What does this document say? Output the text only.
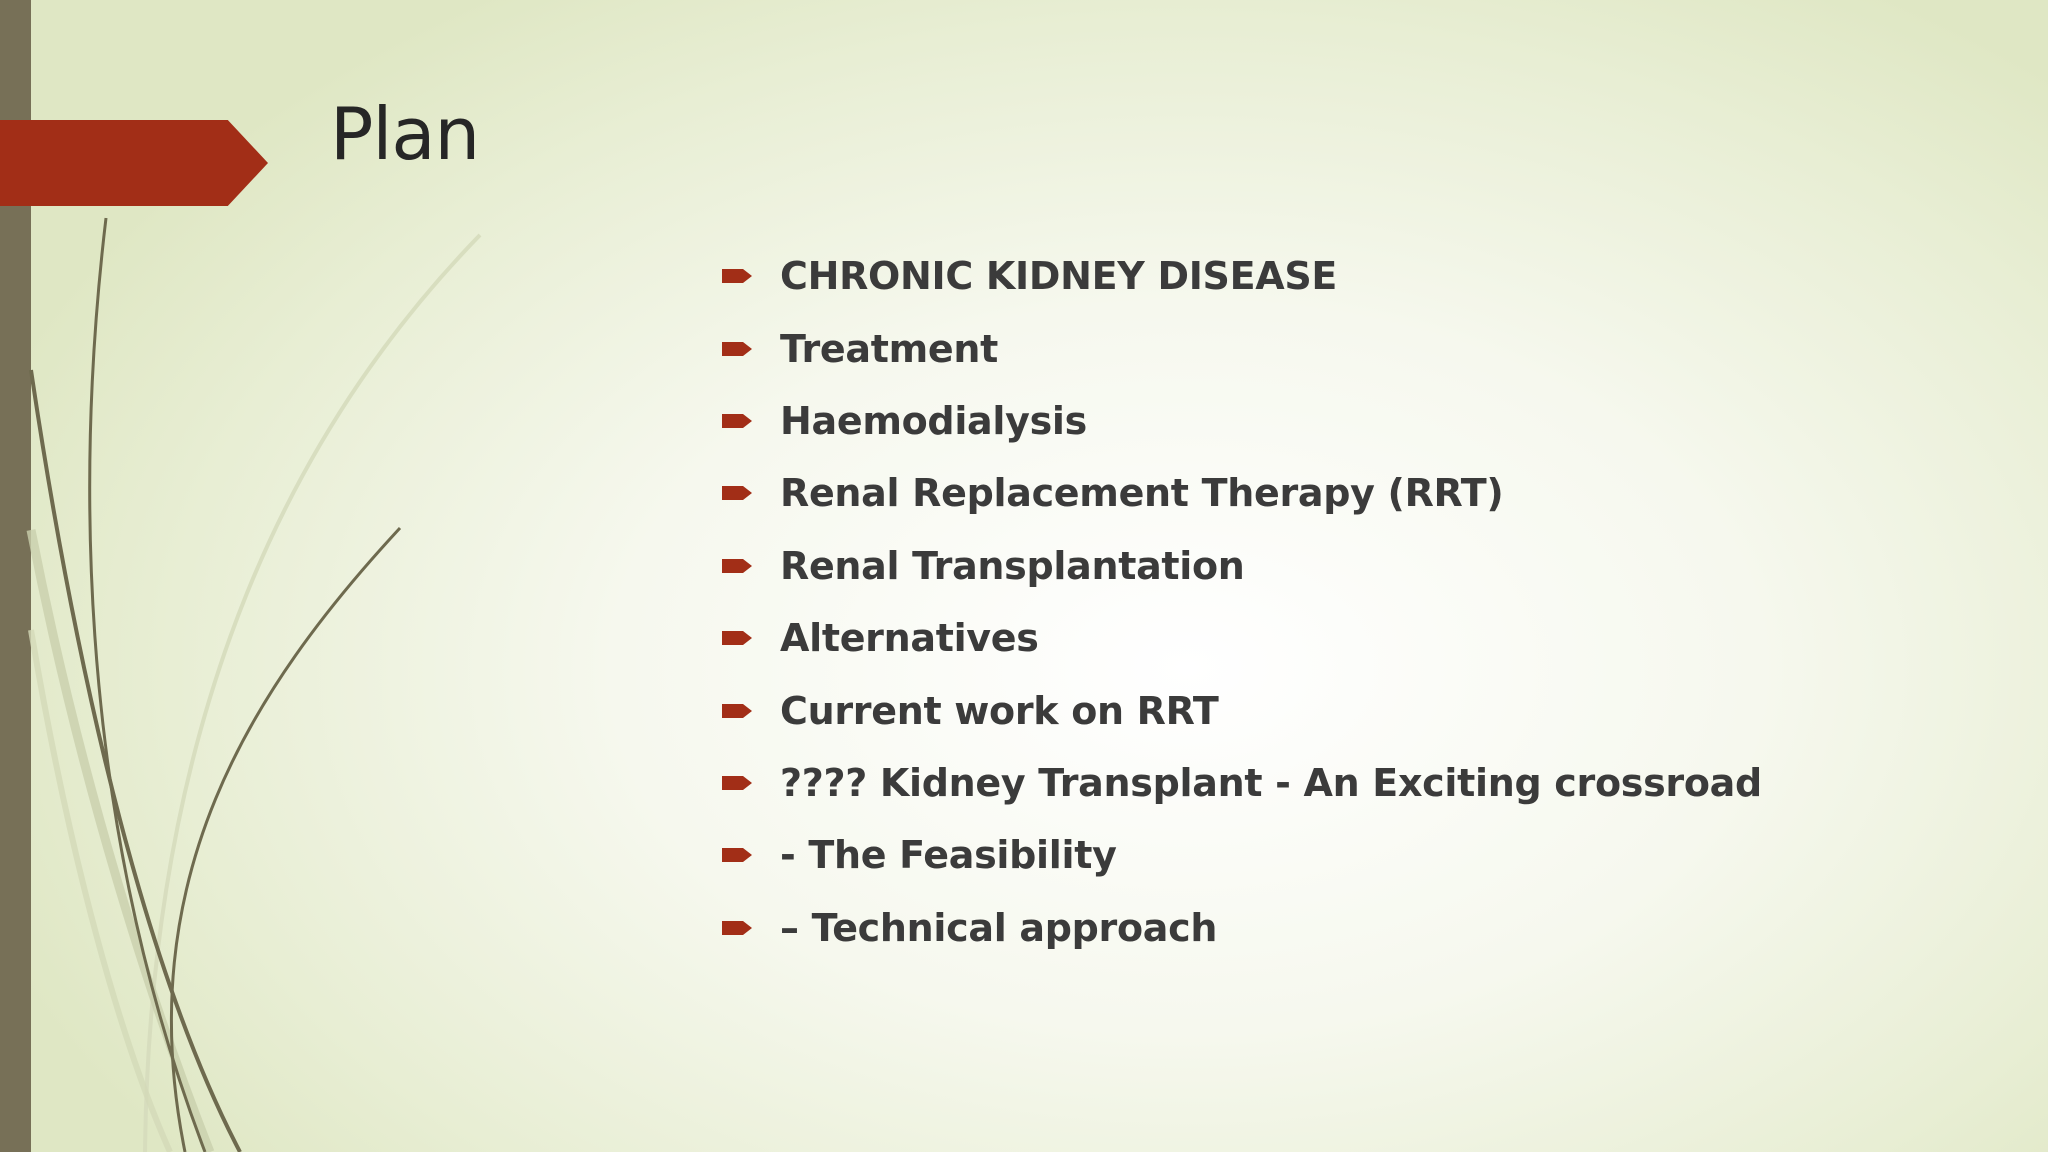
Plan
CHRONIC KIDNEY DISEASE
Treatment
Haemodialysis
Renal Replacement Therapy (RRT)
Renal Transplantation
Alternatives
Current work on RRT
???? Kidney Transplant - An Exciting crossroad
- The Feasibility
– Technical approach
